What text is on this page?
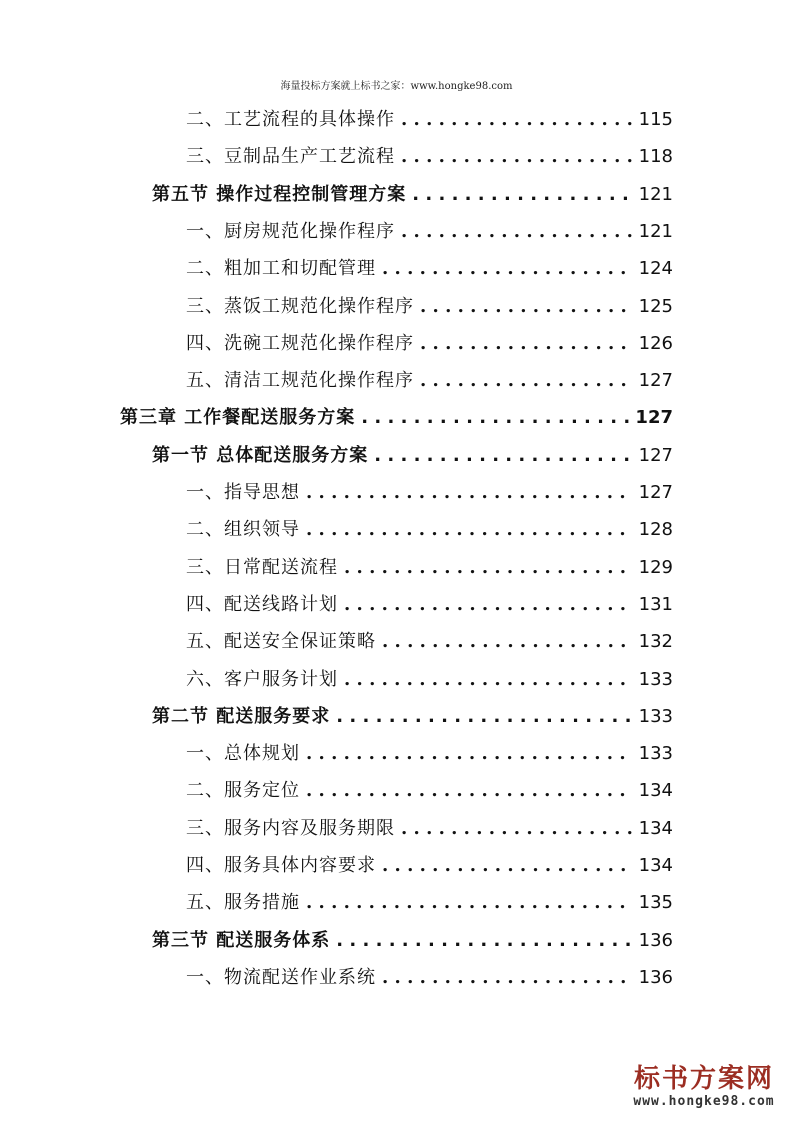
海量投标方案就上标书之家：www.hongke98.com
二、工艺流程的具体操作 . . .	115
三、豆制品生产工艺流程 . . .	118
第五节 操作过程控制管理方案 . . .	121
一、厨房规范化操作程序 . . .	121
二、粗加工和切配管理 . . .	124
三、蒸饭工规范化操作程序 . . .	125
四、洗碗工规范化操作程序 . . .	126
五、清洁工规范化操作程序 . . .	127
第三章 工作餐配送服务方案 . . .	127
第一节 总体配送服务方案 . . .	127
一、指导思想 . . .	127
二、组织领导 . . .	128
三、日常配送流程 . . .	129
四、配送线路计划 . . .	131
五、配送安全保证策略 . . .	132
六、客户服务计划 . . .	133
第二节 配送服务要求 . . .	133
一、总体规划 . . .	133
二、服务定位 . . .	134
三、服务内容及服务期限 . . .	134
四、服务具体内容要求 . . .	134
五、服务措施 . . .	135
第三节 配送服务体系 . . .	136
一、物流配送作业系统 . . .	136
标书方案网
www.hongke98.com
